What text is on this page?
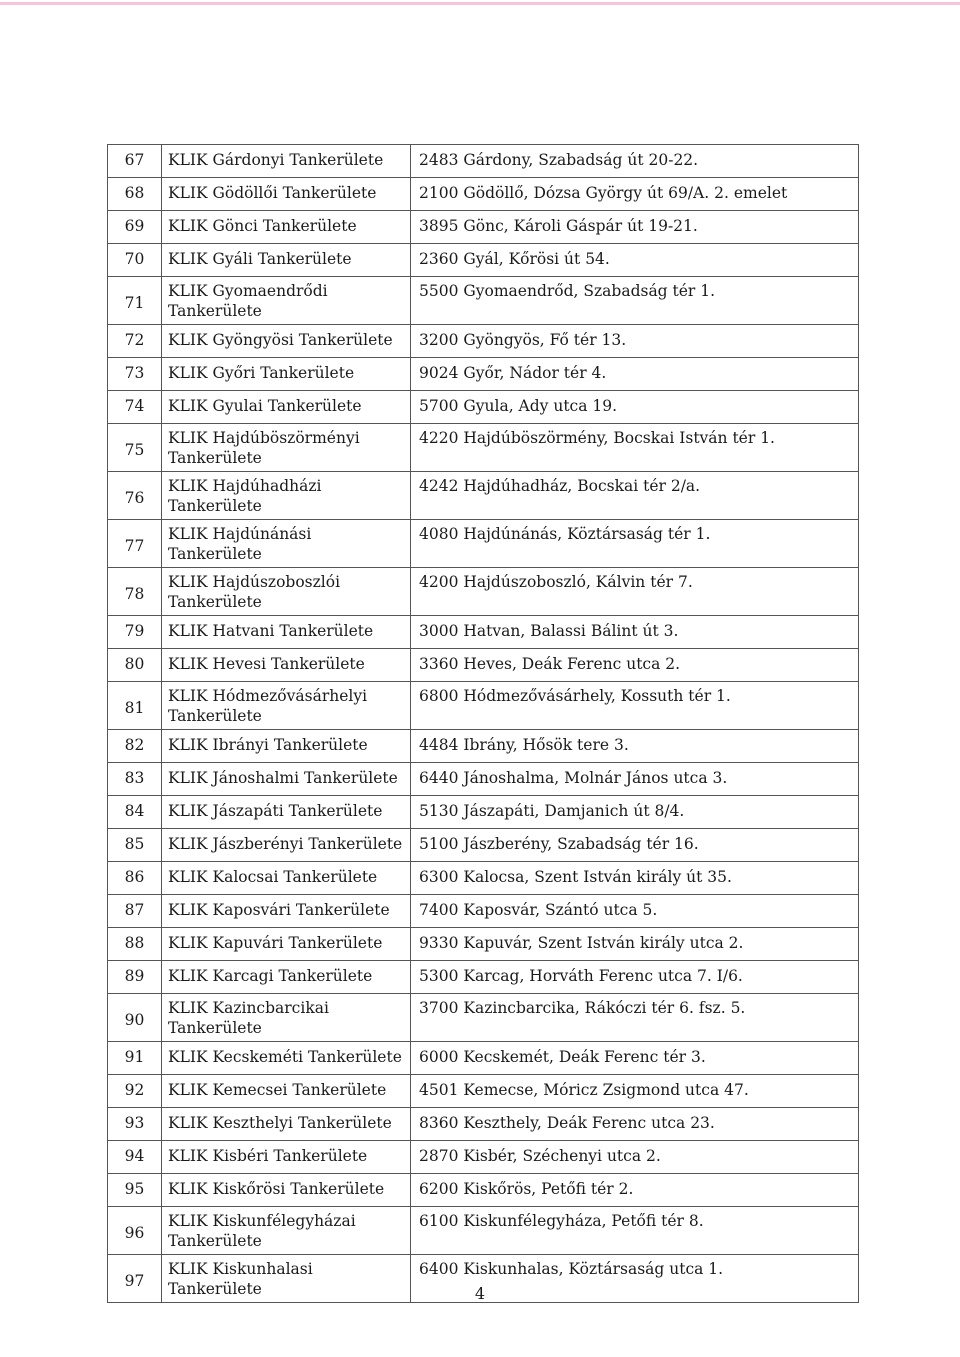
67	KLIK Gárdonyi Tankerülete	2483 Gárdony, Szabadság út 20-22.
68	KLIK Gödöllői Tankerülete	2100 Gödöllő, Dózsa György út 69/A. 2. emelet
69	KLIK Gönci Tankerülete	3895 Gönc, Károli Gáspár út 19-21.
70	KLIK Gyáli Tankerülete	2360 Gyál, Kőrösi út 54.
71	KLIK Gyomaendrődi
Tankerülete	5500 Gyomaendrőd, Szabadság tér 1.
72	KLIK Gyöngyösi Tankerülete	3200 Gyöngyös, Fő tér 13.
73	KLIK Győri Tankerülete	9024 Győr, Nádor tér 4.
74	KLIK Gyulai Tankerülete	5700 Gyula, Ady utca 19.
75	KLIK Hajdúböszörményi
Tankerülete	4220 Hajdúböszörmény, Bocskai István tér 1.
76	KLIK Hajdúhadházi
Tankerülete	4242 Hajdúhadház, Bocskai tér 2/a.
77	KLIK Hajdúnánási
Tankerülete	4080 Hajdúnánás, Köztársaság tér 1.
78	KLIK Hajdúszoboszlói
Tankerülete	4200 Hajdúszoboszló, Kálvin tér 7.
79	KLIK Hatvani Tankerülete	3000 Hatvan, Balassi Bálint út 3.
80	KLIK Hevesi Tankerülete	3360 Heves, Deák Ferenc utca 2.
81	KLIK Hódmezővásárhelyi
Tankerülete	6800 Hódmezővásárhely, Kossuth tér 1.
82	KLIK Ibrányi Tankerülete	4484 Ibrány, Hősök tere 3.
83	KLIK Jánoshalmi Tankerülete	6440 Jánoshalma, Molnár János utca 3.
84	KLIK Jászapáti Tankerülete	5130 Jászapáti, Damjanich út 8/4.
85	KLIK Jászberényi Tankerülete	5100 Jászberény, Szabadság tér 16.
86	KLIK Kalocsai Tankerülete	6300 Kalocsa, Szent István király út 35.
87	KLIK Kaposvári Tankerülete	7400 Kaposvár, Szántó utca 5.
88	KLIK Kapuvári Tankerülete	9330 Kapuvár, Szent István király utca 2.
89	KLIK Karcagi Tankerülete	5300 Karcag, Horváth Ferenc utca 7. I/6.
90	KLIK Kazincbarcikai
Tankerülete	3700 Kazincbarcika, Rákóczi tér 6. fsz. 5.
91	KLIK Kecskeméti Tankerülete	6000 Kecskemét, Deák Ferenc tér 3.
92	KLIK Kemecsei Tankerülete	4501 Kemecse, Móricz Zsigmond utca 47.
93	KLIK Keszthelyi Tankerülete	8360 Keszthely, Deák Ferenc utca 23.
94	KLIK Kisbéri Tankerülete	2870 Kisbér, Széchenyi utca 2.
95	KLIK Kiskőrösi Tankerülete	6200 Kiskőrös, Petőfi tér 2.
96	KLIK Kiskunfélegyházai
Tankerülete	6100 Kiskunfélegyháza, Petőfi tér 8.
97	KLIK Kiskunhalasi
Tankerülete	6400 Kiskunhalas, Köztársaság utca 1.
4
